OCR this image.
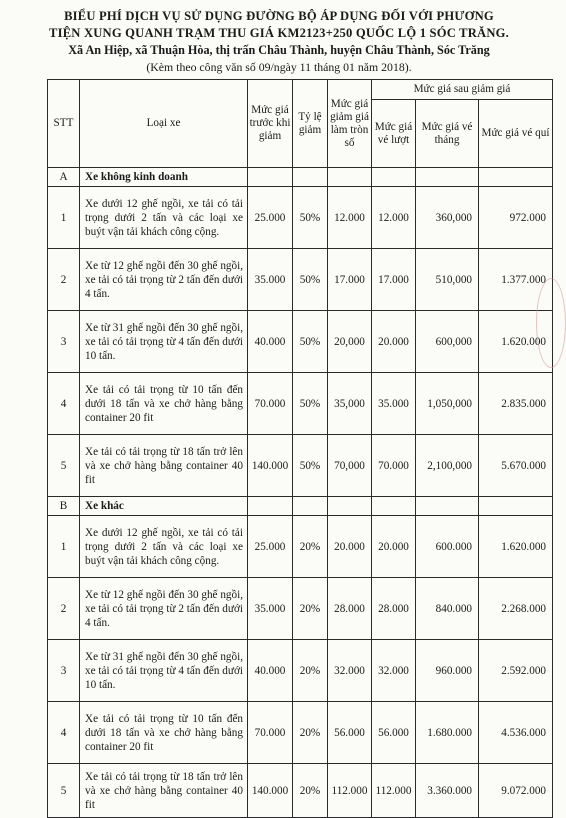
BIỂU PHÍ DỊCH VỤ SỬ DỤNG ĐƯỜNG BỘ ÁP DỤNG ĐỐI VỚI PHƯƠNG
TIỆN XUNG QUANH TRẠM THU GIÁ KM2123+250 QUỐC LỘ 1 SÓC TRĂNG.
Xã An Hiệp, xã Thuận Hòa, thị trấn Châu Thành, huyện Châu Thành, Sóc Trăng
(Kèm theo công văn số 09/ngày 11 tháng 01 năm 2018).
STT	Loại xe	Mức giá trước khi giảm	Tỷ lệ giảm	Mức giá giảm giá làm tròn số	Mức giá sau giảm giá		
					Mức giá vé lượt	Mức giá vé tháng	Mức giá vé quí
A	Xe không kinh doanh						
1	Xe dưới 12 ghế ngồi, xe tải có tải trọng dưới 2 tấn và các loại xe buýt vận tải khách công cộng.	25.000	50%	12.000	12.000	360,000	972.000
2	Xe từ 12 ghế ngồi đến 30 ghế ngồi, xe tải có tải trọng từ 2 tấn đến dưới 4 tấn.	35.000	50%	17.000	17.000	510,000	1.377.000
3	Xe từ 31 ghế ngồi đến 30 ghế ngồi, xe tải có tải trọng từ 4 tấn đến dưới 10 tấn.	40.000	50%	20,000	20.000	600,000	1.620.000
4	Xe tải có tải trọng từ 10 tấn đến dưới 18 tấn và xe chở hàng bằng container 20 fit	70.000	50%	35,000	35.000	1,050,000	2.835.000
5	Xe tải có tải trọng từ 18 tấn trở lên và xe chở hàng bằng container 40 fit	140.000	50%	70,000	70.000	2,100,000	5.670.000
B	Xe khác						
1	Xe dưới 12 ghế ngồi, xe tải có tải trọng dưới 2 tấn và các loại xe buýt vận tải khách công cộng.	25.000	20%	20.000	20.000	600.000	1.620.000
2	Xe từ 12 ghế ngồi đến 30 ghế ngồi, xe tải có tải trọng từ 2 tấn đến dưới 4 tấn.	35.000	20%	28.000	28.000	840.000	2.268.000
3	Xe từ 31 ghế ngồi đến 30 ghế ngồi, xe tải có tải trọng từ 4 tấn đến dưới 10 tấn.	40.000	20%	32.000	32.000	960.000	2.592.000
4	Xe tải có tải trọng từ 10 tấn đến dưới 18 tấn và xe chở hàng bằng container 20 fit	70.000	20%	56.000	56.000	1.680.000	4.536.000
5	Xe tải có tải trọng từ 18 tấn trở lên và xe chở hàng bằng container 40 fit	140.000	20%	112.000	112.000	3.360.000	9.072.000
